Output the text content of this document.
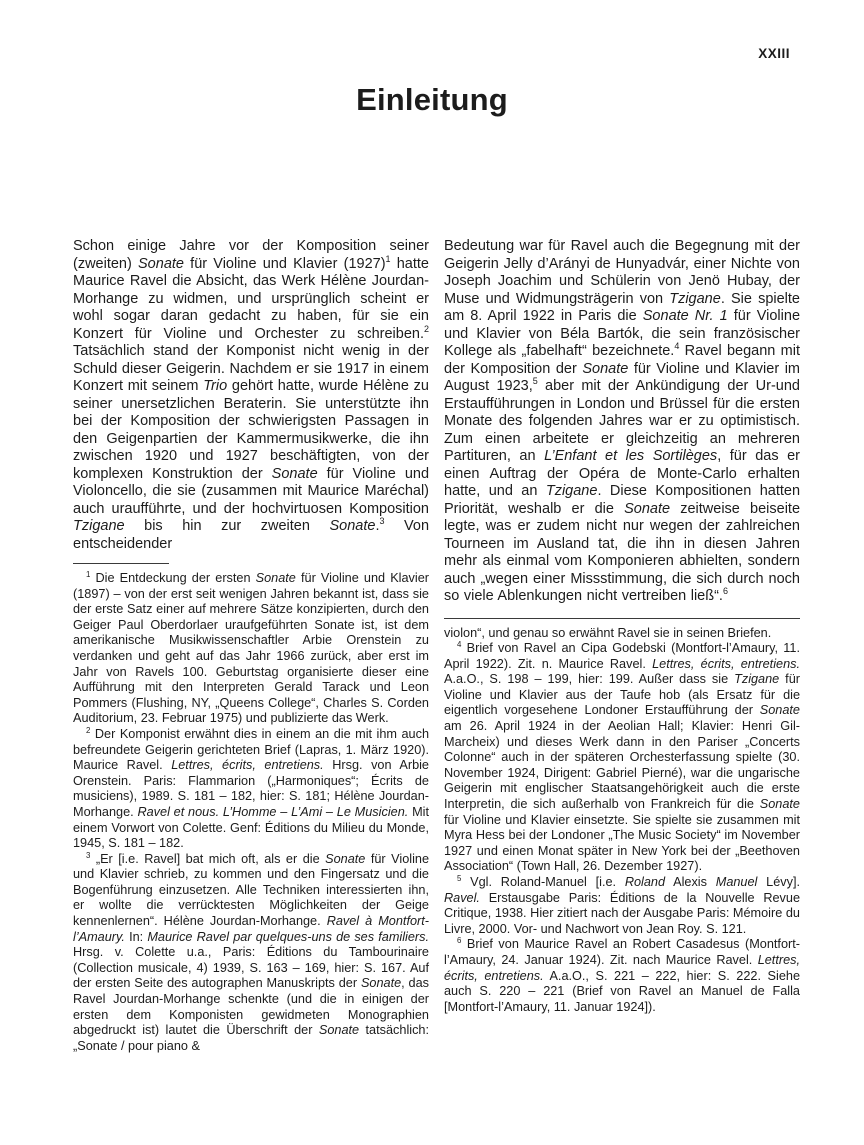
XXIII
Einleitung

Schon einige Jahre vor der Komposition seiner (zweiten) Sonate für Violine und Klavier $(1927)^1$ hatte Maurice Ravel die Absicht, das Werk Hélène Jourdan-Morhange zu widmen, und ursprünglich scheint er wohl sogar daran gedacht zu haben, für sie ein Konzert für Violine und Orchester zu schreiben.$^2$ Tatsächlich stand der Komponist nicht wenig in der Schuld dieser Geigerin. Nachdem er sie 1917 in einem Konzert mit seinem Trio gehört hatte, wurde Hélène zu seiner unersetzlichen Beraterin. Sie unterstützte ihn bei der Komposition der schwierigsten Passagen in den Geigenpartien der Kammermusikwerke, die ihn zwischen 1920 und 1927 beschäftigten, von der komplexen Konstruktion der Sonate für Violine und Violoncello, die sie (zusammen mit Maurice Maréchal) auch uraufführte, und der hochvirtuosen Komposition Tzigane bis hin zur zweiten Sonate.$^3$ Von entscheidender

$^1$ Die Entdeckung der ersten Sonate für Violine und Klavier (1897) – von der erst seit wenigen Jahren bekannt ist, dass sie der erste Satz einer auf mehrere Sätze konzipierten, durch den Geiger Paul Oberdorlaer uraufgeführten Sonate ist, ist dem amerikanische Musikwissenschaftler Arbie Orenstein zu verdanken und geht auf das Jahr 1966 zurück, aber erst im Jahr von Ravels 100. Geburtstag organisierte dieser eine Aufführung mit den Interpreten Gerald Tarack und Leon Pommers (Flushing, NY, „Queens College“, Charles S. Corden Auditorium, 23. Februar 1975) und publizierte das Werk.

$^2$ Der Komponist erwähnt dies in einem an die mit ihm auch befreundete Geigerin gerichteten Brief (Lapras, 1. März 1920). Maurice Ravel. Lettres, écrits, entretiens. Hrsg. von Arbie Orenstein. Paris: Flammarion („Harmoniques“; Écrits de musiciens), 1989. S. 181 – 182, hier: S. 181; Hélène Jourdan-Morhange. Ravel et nous. L’Homme – L’Ami – Le Musicien. Mit einem Vorwort von Colette. Genf: Éditions du Milieu du Monde, 1945, S. 181 – 182.

$^3$ „Er [i.e. Ravel] bat mich oft, als er die Sonate für Violine und Klavier schrieb, zu kommen und den Fingersatz und die Bogenführung einzusetzen. Alle Techniken interessierten ihn, er wollte die verrücktesten Möglichkeiten der Geige kennenlernen“. Hélène Jourdan-Morhange. Ravel à Montfort-l’Amaury. In: Maurice Ravel par quelques-uns de ses familiers. Hrsg. v. Colette u.a., Paris: Éditions du Tambourinaire (Collection musicale, 4) 1939, S. 163 – 169, hier: S. 167. Auf der ersten Seite des autographen Manuskripts der Sonate, das Ravel Jourdan-Morhange schenkte (und die in einigen der ersten dem Komponisten gewidmeten Monographien abgedruckt ist) lautet die Überschrift der Sonate tatsächlich: „Sonate / pour piano &

Bedeutung war für Ravel auch die Begegnung mit der Geigerin Jelly d’Arányi de Hunyadvár, einer Nichte von Joseph Joachim und Schülerin von Jenö Hubay, der Muse und Widmungsträgerin von Tzigane. Sie spielte am 8. April 1922 in Paris die Sonate Nr. 1 für Violine und Klavier von Béla Bartók, die sein französischer Kollege als „fabelhaft“ bezeichnete.$^4$ Ravel begann mit der Komposition der Sonate für Violine und Klavier im August 1923,$^5$ aber mit der Ankündigung der Ur-und Erstaufführungen in London und Brüssel für die ersten Monate des folgenden Jahres war er zu optimistisch. Zum einen arbeitete er gleichzeitig an mehreren Partituren, an L’Enfant et les Sortilèges, für das er einen Auftrag der Opéra de Monte-Carlo erhalten hatte, und an Tzigane. Diese Kompositionen hatten Priorität, weshalb er die Sonate zeitweise beiseite legte, was er zudem nicht nur wegen der zahlreichen Tourneen im Ausland tat, die ihn in diesen Jahren mehr als einmal vom Komponieren abhielten, sondern auch „wegen einer Missstimmung, die sich durch noch so viele Ablenkungen nicht vertreiben ließ“.$^6$

violon“, und genau so erwähnt Ravel sie in seinen Briefen.

$^4$ Brief von Ravel an Cipa Godebski (Montfort-l’Amaury, 11. April 1922). Zit. n. Maurice Ravel. Lettres, écrits, entretiens. A.a.O., S. 198 – 199, hier: 199. Außer dass sie Tzigane für Violine und Klavier aus der Taufe hob (als Ersatz für die eigentlich vorgesehene Londoner Erstaufführung der Sonate am 26. April 1924 in der Aeolian Hall; Klavier: Henri Gil-Marcheix) und dieses Werk dann in den Pariser „Concerts Colonne“ auch in der späteren Orchesterfassung spielte (30. November 1924, Dirigent: Gabriel Pierné), war die ungarische Geigerin mit englischer Staatsangehörigkeit auch die erste Interpretin, die sich außerhalb von Frankreich für die Sonate für Violine und Klavier einsetzte. Sie spielte sie zusammen mit Myra Hess bei der Londoner „The Music Society“ im November 1927 und einen Monat später in New York bei der „Beethoven Association“ (Town Hall, 26. Dezember 1927).

$^5$ Vgl. Roland-Manuel [i.e. Roland Alexis Manuel Lévy]. Ravel. Erstausgabe Paris: Éditions de la Nouvelle Revue Critique, 1938. Hier zitiert nach der Ausgabe Paris: Mémoire du Livre, 2000. Vor- und Nachwort von Jean Roy. S. 121.

$^6$ Brief von Maurice Ravel an Robert Casadesus (Montfort-l’Amaury, 24. Januar 1924). Zit. nach Maurice Ravel. Lettres, écrits, entretiens. A.a.O., S. 221 – 222, hier: S. 222. Siehe auch S. 220 – 221 (Brief von Ravel an Manuel de Falla [Montfort-l’Amaury, 11. Januar 1924]).
